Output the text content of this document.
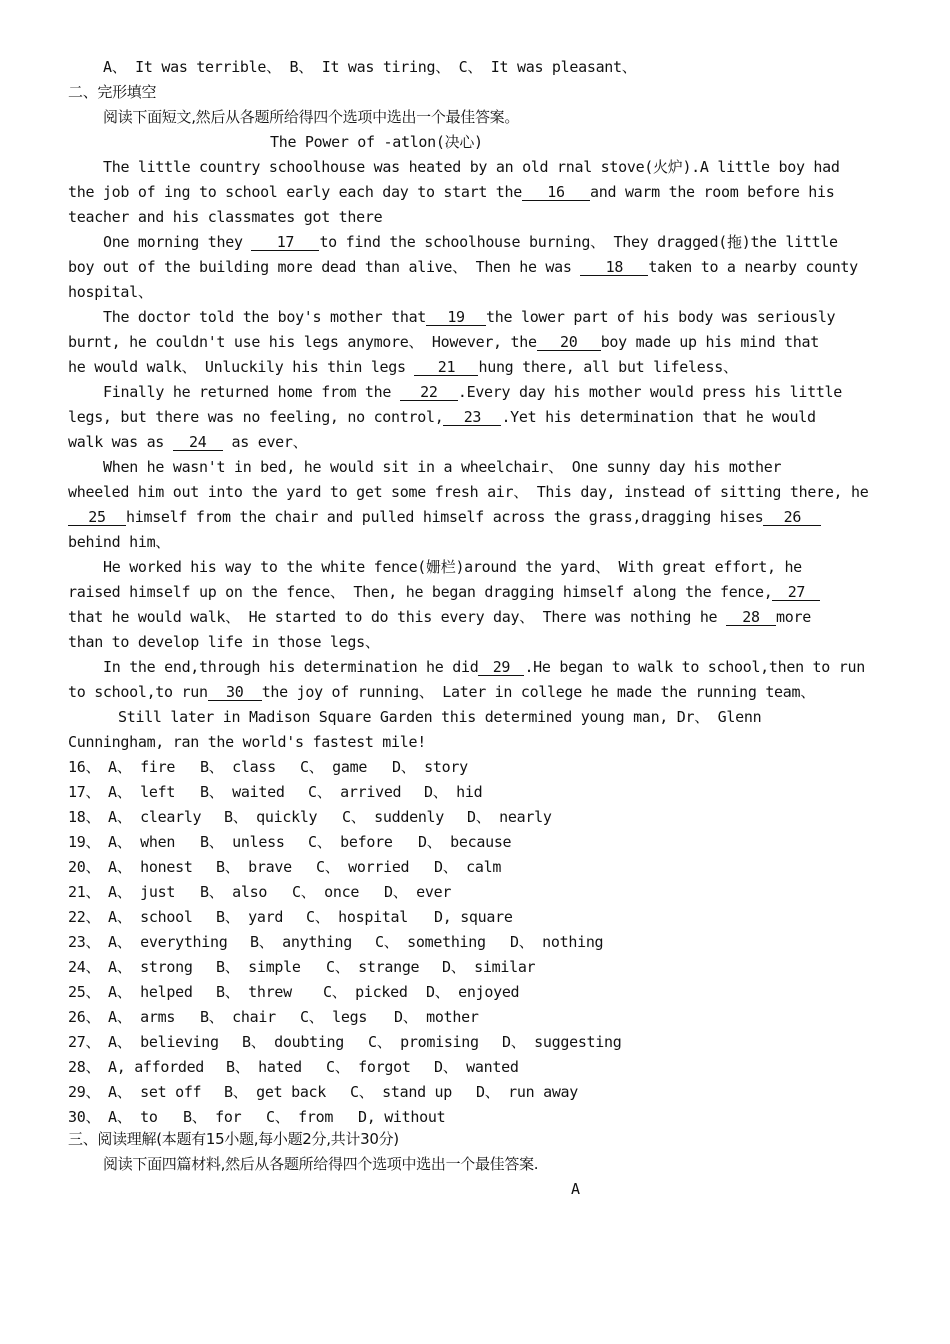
A、 It was terrible、 B、 It was tiring、 C、 It was pleasant、
二、完形填空
阅读下面短文,然后从各题所给得四个选项中选出一个最佳答案。
The Power of -atlon(决心)
The little country schoolhouse was heated by an old rnal stove(火炉).A little boy had
the job of ing to school early each day to start the 16 and warm the room before his
teacher and his classmates got there
One morning they 17 to find the schoolhouse burning、 They dragged(拖)the little
boy out of the building more dead than alive、 Then he was 18 taken to a nearby county
hospital、
The doctor told the boy's mother that 19 the lower part of his body was seriously
burnt, he couldn't use his legs anymore、 However, the 20 boy made up his mind that
he would walk、 Unluckily his thin legs 21 hung there, all but lifeless、
Finally he returned home from the 22 .Every day his mother would press his little
legs, but there was no feeling, no control, 23 .Yet his determination that he would
walk was as 24 as ever、
When he wasn't in bed, he would sit in a wheelchair、 One sunny day his mother
wheeled him out into the yard to get some fresh air、 This day, instead of sitting there, he
25 himself from the chair and pulled himself across the grass,dragging hises 26
behind him、
He worked his way to the white fence(姗栏)around the yard、 With great effort, he
raised himself up on the fence、 Then, he began dragging himself along the fence, 27
that he would walk、 He started to do this every day、 There was nothing he 28 more
than to develop life in those legs、
In the end,through his determination he did 29 .He began to walk to school,then to run
to school,to run 30 the joy of running、 Later in college he made the running team、
Still later in Madison Square Garden this determined young man, Dr、 Glenn
Cunningham, ran the world's fastest mile!
16、 A、 fire B、 class C、 game D、 story
17、 A、 left B、 waited C、 arrived D、 hid
18、 A、 clearly B、 quickly C、 suddenly D、 nearly
19、 A、 when B、 unless C、 before D、 because
20、 A、 honest B、 brave C、 worried D、 calm
21、 A、 just B、 also C、 once D、 ever
22、 A、 school B、 yard C、 hospital D, square
23、 A、 everything B、 anything C、 something D、 nothing
24、 A、 strong B、 simple C、 strange D、 similar
25、 A、 helped B、 threw C、 picked D、 enjoyed
26、 A、 arms B、 chair C、 legs D、 mother
27、 A、 believing B、 doubting C、 promising D、 suggesting
28、 A, afforded B、 hated C、 forgot D、 wanted
29、 A、 set off B、 get back C、 stand up D、 run away
30、 A、 to B、 for C、 from D, without
三、阅读理解(本题有15小题,每小题2分,共计30分)
阅读下面四篇材料,然后从各题所给得四个选项中选出一个最佳答案.
A
